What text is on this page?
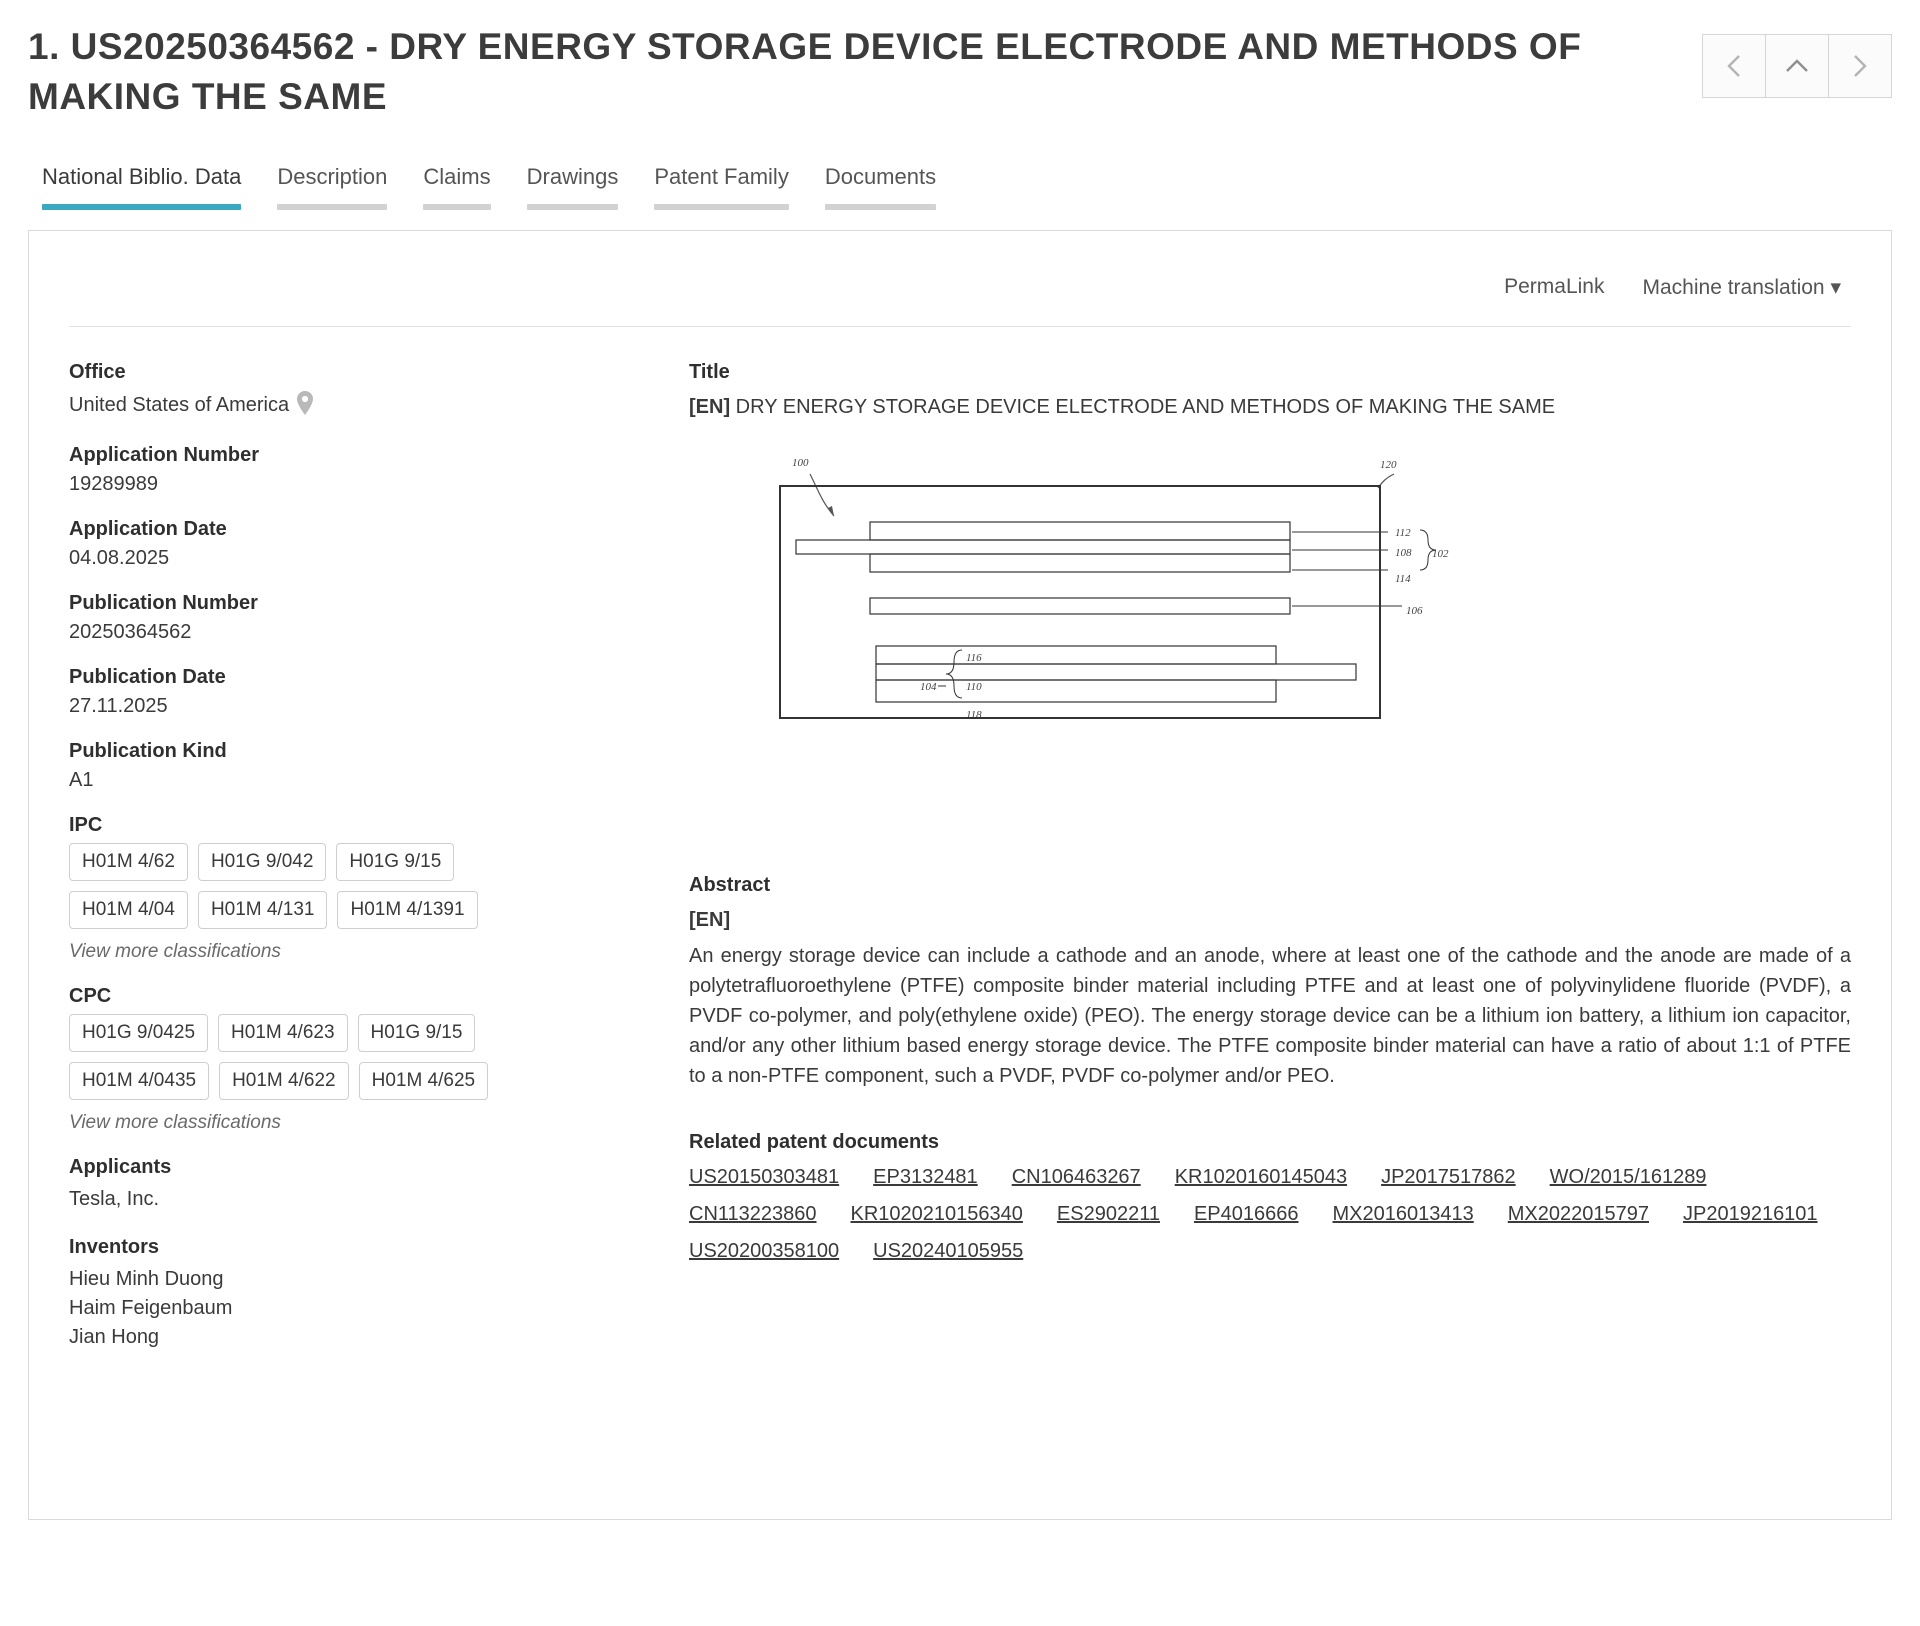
1. US20250364562 - DRY ENERGY STORAGE DEVICE ELECTRODE AND METHODS OF MAKING THE SAME
National Biblio. Data Description Claims Drawings Patent Family Documents
PermaLink Machine translation ▾
Office
United States of America
Application Number
19289989
Application Date
04.08.2025
Publication Number
20250364562
Publication Date
27.11.2025
Publication Kind
A1
IPC
H01M 4/62	H01G 9/042	H01G 9/15
H01M 4/04	H01M 4/131	H01M 4/1391
View more classifications
CPC
H01G 9/0425	H01M 4/623	H01G 9/15
H01M 4/0435	H01M 4/622	H01M 4/625
View more classifications
Applicants
Tesla, Inc.
Inventors
Hieu Minh Duong
Haim Feigenbaum
Jian Hong
Title
[EN] DRY ENERGY STORAGE DEVICE ELECTRODE AND METHODS OF MAKING THE SAME
100	120
112
108
114
102
106
116
110
118
104
Abstract
[EN]
An energy storage device can include a cathode and an anode, where at least one of the cathode and the anode are made of a polytetrafluoroethylene (PTFE) composite binder material including PTFE and at least one of polyvinylidene fluoride (PVDF), a PVDF co-polymer, and poly(ethylene oxide) (PEO). The energy storage device can be a lithium ion battery, a lithium ion capacitor, and/or any other lithium based energy storage device. The PTFE composite binder material can have a ratio of about 1:1 of PTFE to a non-PTFE component, such a PVDF, PVDF co-polymer and/or PEO.
Related patent documents
US20150303481 EP3132481 CN106463267 KR1020160145043 JP2017517862 WO/2015/161289
CN113223860 KR1020210156340 ES2902211 EP4016666 MX2016013413 MX2022015797 JP2019216101
US20200358100 US20240105955
